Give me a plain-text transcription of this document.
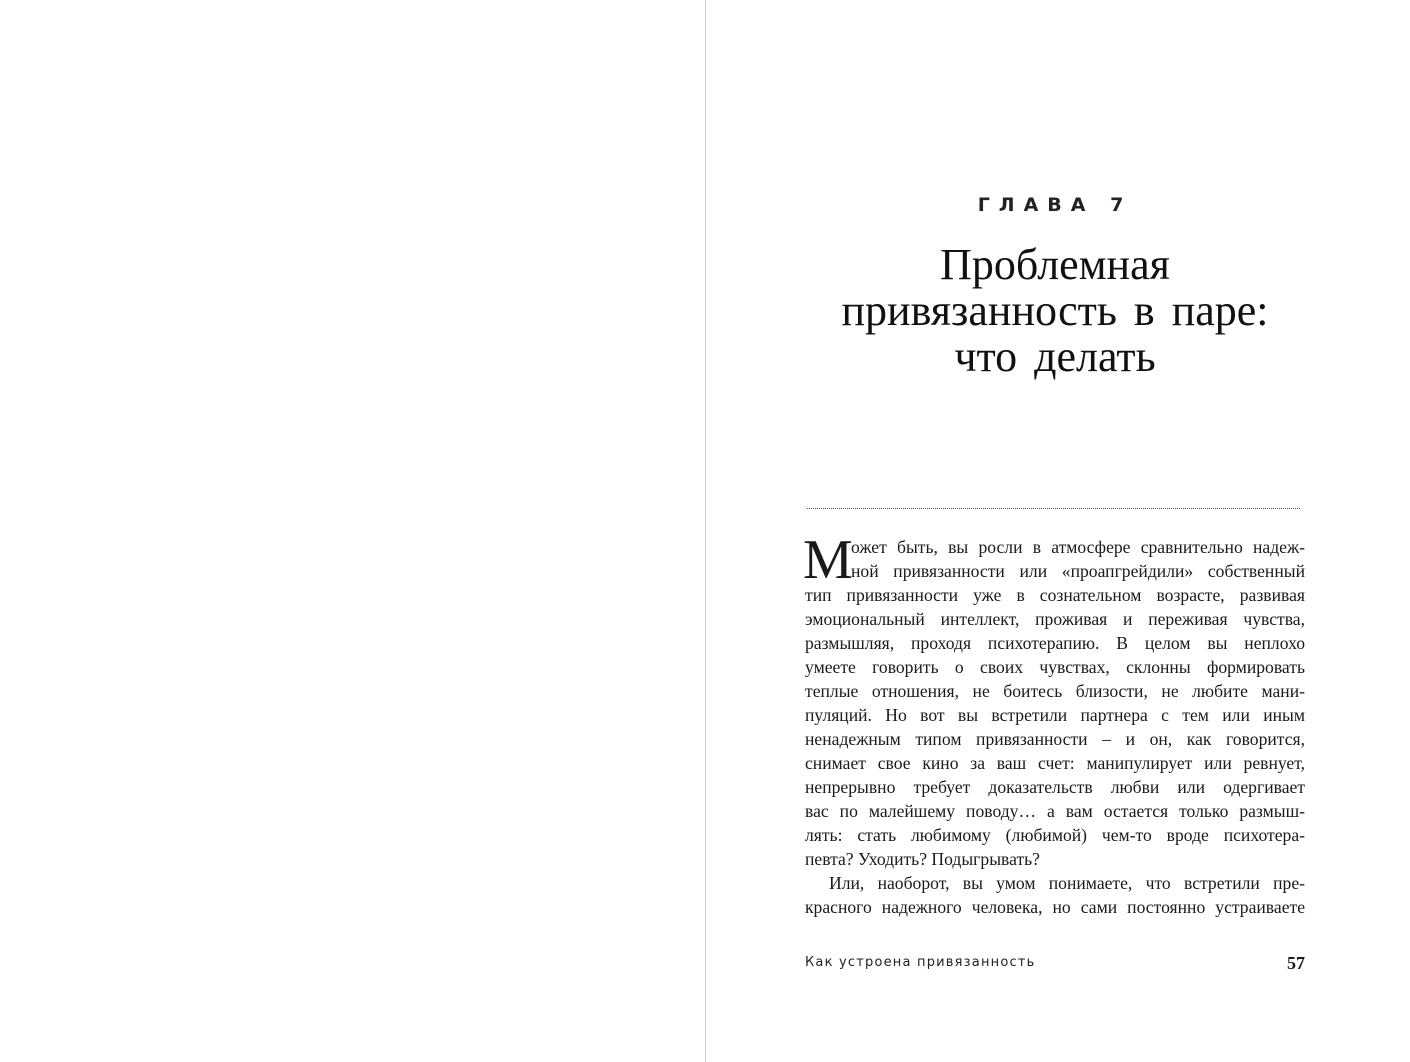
ГЛАВА 7
Проблемная
привязанность в паре:
что делать
М
ожет быть, вы росли в атмосфере сравнительно надеж-
ной привязанности или «проапгрейдили» собственный
тип привязанности уже в сознательном возрасте, развивая
эмоциональный интеллект, проживая и переживая чувства,
размышляя, проходя психотерапию. В целом вы неплохо
умеете говорить о своих чувствах, склонны формировать
теплые отношения, не боитесь близости, не любите мани-
пуляций. Но вот вы встретили партнера с тем или иным
ненадежным типом привязанности – и он, как говорится,
снимает свое кино за ваш счет: манипулирует или ревнует,
непрерывно требует доказательств любви или одергивает
вас по малейшему поводу… а вам остается только размыш-
лять: стать любимому (любимой) чем-то вроде психотера-
певта? Уходить? Подыгрывать?
Или, наоборот, вы умом понимаете, что встретили пре-
красного надежного человека, но сами постоянно устраиваете
Как устроена привязанность	57
